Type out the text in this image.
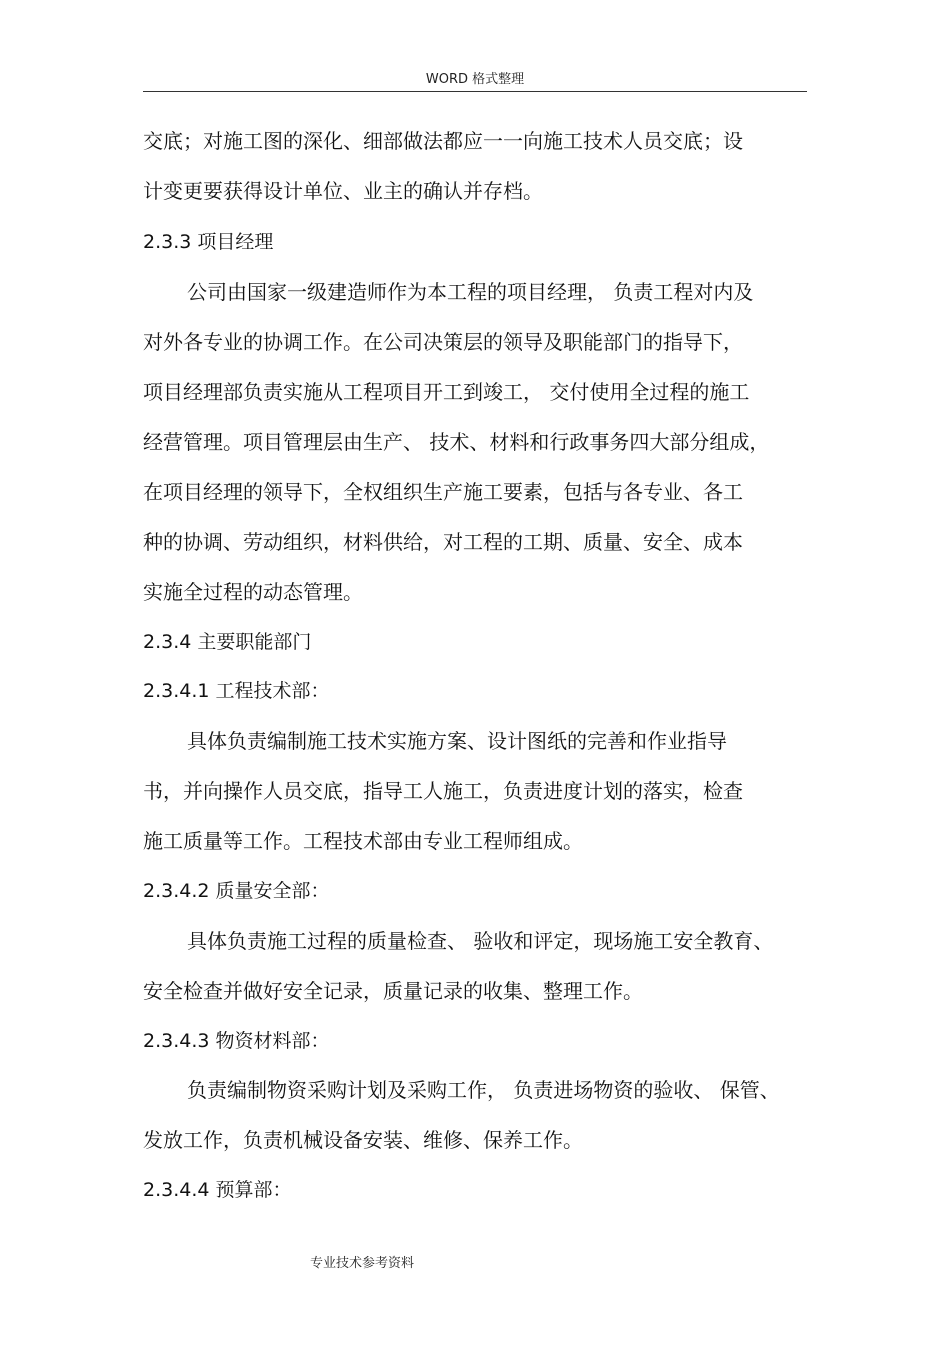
WORD 格式整理
交底；对施工图的深化、细部做法都应一一向施工技术人员交底；设
计变更要获得设计单位、业主的确认并存档。
2.3.3 项目经理
公司由国家一级建造师作为本工程的项目经理， 负责工程对内及
对外各专业的协调工作。在公司决策层的领导及职能部门的指导下，
项目经理部负责实施从工程项目开工到竣工， 交付使用全过程的施工
经营管理。项目管理层由生产、 技术、材料和行政事务四大部分组成，
在项目经理的领导下，全权组织生产施工要素，包括与各专业、各工
种的协调、劳动组织，材料供给，对工程的工期、质量、安全、成本
实施全过程的动态管理。
2.3.4 主要职能部门
2.3.4.1 工程技术部：
具体负责编制施工技术实施方案、设计图纸的完善和作业指导
书，并向操作人员交底，指导工人施工，负责进度计划的落实，检查
施工质量等工作。工程技术部由专业工程师组成。
2.3.4.2 质量安全部：
具体负责施工过程的质量检查、 验收和评定，现场施工安全教育、
安全检查并做好安全记录，质量记录的收集、整理工作。
2.3.4.3 物资材料部：
负责编制物资采购计划及采购工作， 负责进场物资的验收、 保管、
发放工作，负责机械设备安装、维修、保养工作。
2.3.4.4 预算部：
专业技术参考资料
